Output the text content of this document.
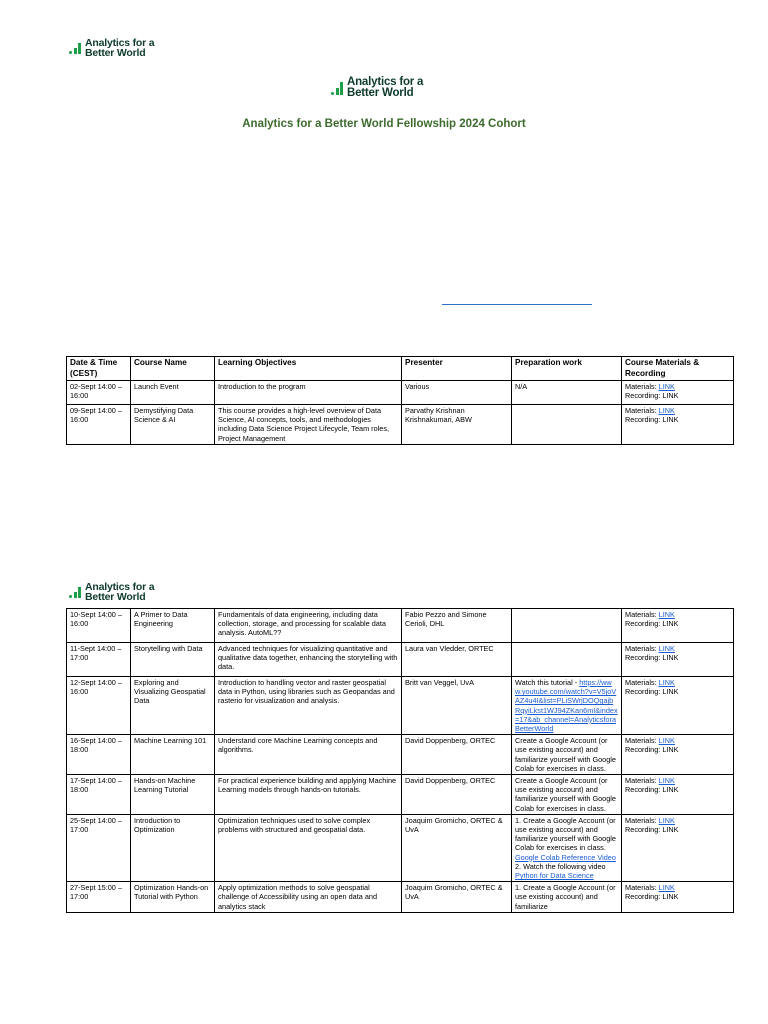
Analytics for a
Better World
Analytics for a
Better World
Analytics for a Better World Fellowship 2024 Cohort
Date & Time (CEST)	Course Name	Learning Objectives	Presenter	Preparation work	Course Materials & Recording
02-Sept 14:00 – 16:00	Launch Event	Introduction to the program	Various	N/A	Materials: LINK
Recording: LINK

09-Sept 14:00 – 16:00	Demystifying Data Science & AI	This course provides a high-level overview of Data Science, AI concepts, tools, and methodologies including Data Science Project Lifecycle, Team roles, Project Management	Parvathy Krishnan Krishnakumari, ABW		Materials: LINK
Recording: LINK
Analytics for a
Better World
10-Sept 14:00 – 16:00	A Primer to Data Engineering	Fundamentals of data engineering, including data collection, storage, and processing for scalable data analysis. AutoML??	Fabio Pezzo and Simone Cerioli, DHL		Materials: LINK
Recording: LINK

11-Sept 14:00 – 17:00	Storytelling with Data	Advanced techniques for visualizing quantitative and qualitative data together, enhancing the storytelling with data.	Laura van Vledder, ORTEC		Materials: LINK
Recording: LINK

12-Sept 14:00 – 16:00	Exploring and Visualizing Geospatial Data	Introduction to handling vector and raster geospatial data in Python, using libraries such as Geopandas and rasterio for visualization and analysis.	Britt van Veggel, UvA	Watch this tutorial - https://www.youtube.com/watch?v=V5joVAZ4u4I&list=PLiSWrjDOQgajbRqyiLkst1WJ94ZKan6mI&index=17&ab_channel=AnalyticsforaBetterWorld	Materials: LINK
Recording: LINK

16-Sept 14:00 – 18:00	Machine Learning 101	Understand core Machine Learning concepts and algorithms.	David Doppenberg, ORTEC	Create a Google Account (or use existing account) and familiarize yourself with Google Colab for exercises in class.	Materials: LINK
Recording: LINK

17-Sept 14:00 – 18:00	Hands-on Machine Learning Tutorial	For practical experience building and applying Machine Learning models through hands-on tutorials.	David Doppenberg, ORTEC	Create a Google Account (or use existing account) and familiarize yourself with Google Colab for exercises in class.	Materials: LINK
Recording: LINK

25-Sept 14:00 – 17:00	Introduction to Optimization	Optimization techniques used to solve complex problems with structured and geospatial data.	Joaquim Gromicho, ORTEC & UvA	1. Create a Google Account (or use existing account) and familiarize yourself with Google Colab for exercises in class.
Google Colab Reference Video
2. Watch the following video Python for Data Science	Materials: LINK
Recording: LINK

27-Sept 15:00 – 17:00	Optimization Hands-on Tutorial with Python	Apply optimization methods to solve geospatial challenge of Accessibility using an open data and analytics stack	Joaquim Gromicho, ORTEC & UvA	1. Create a Google Account (or use existing account) and familiarize	Materials: LINK
Recording: LINK
